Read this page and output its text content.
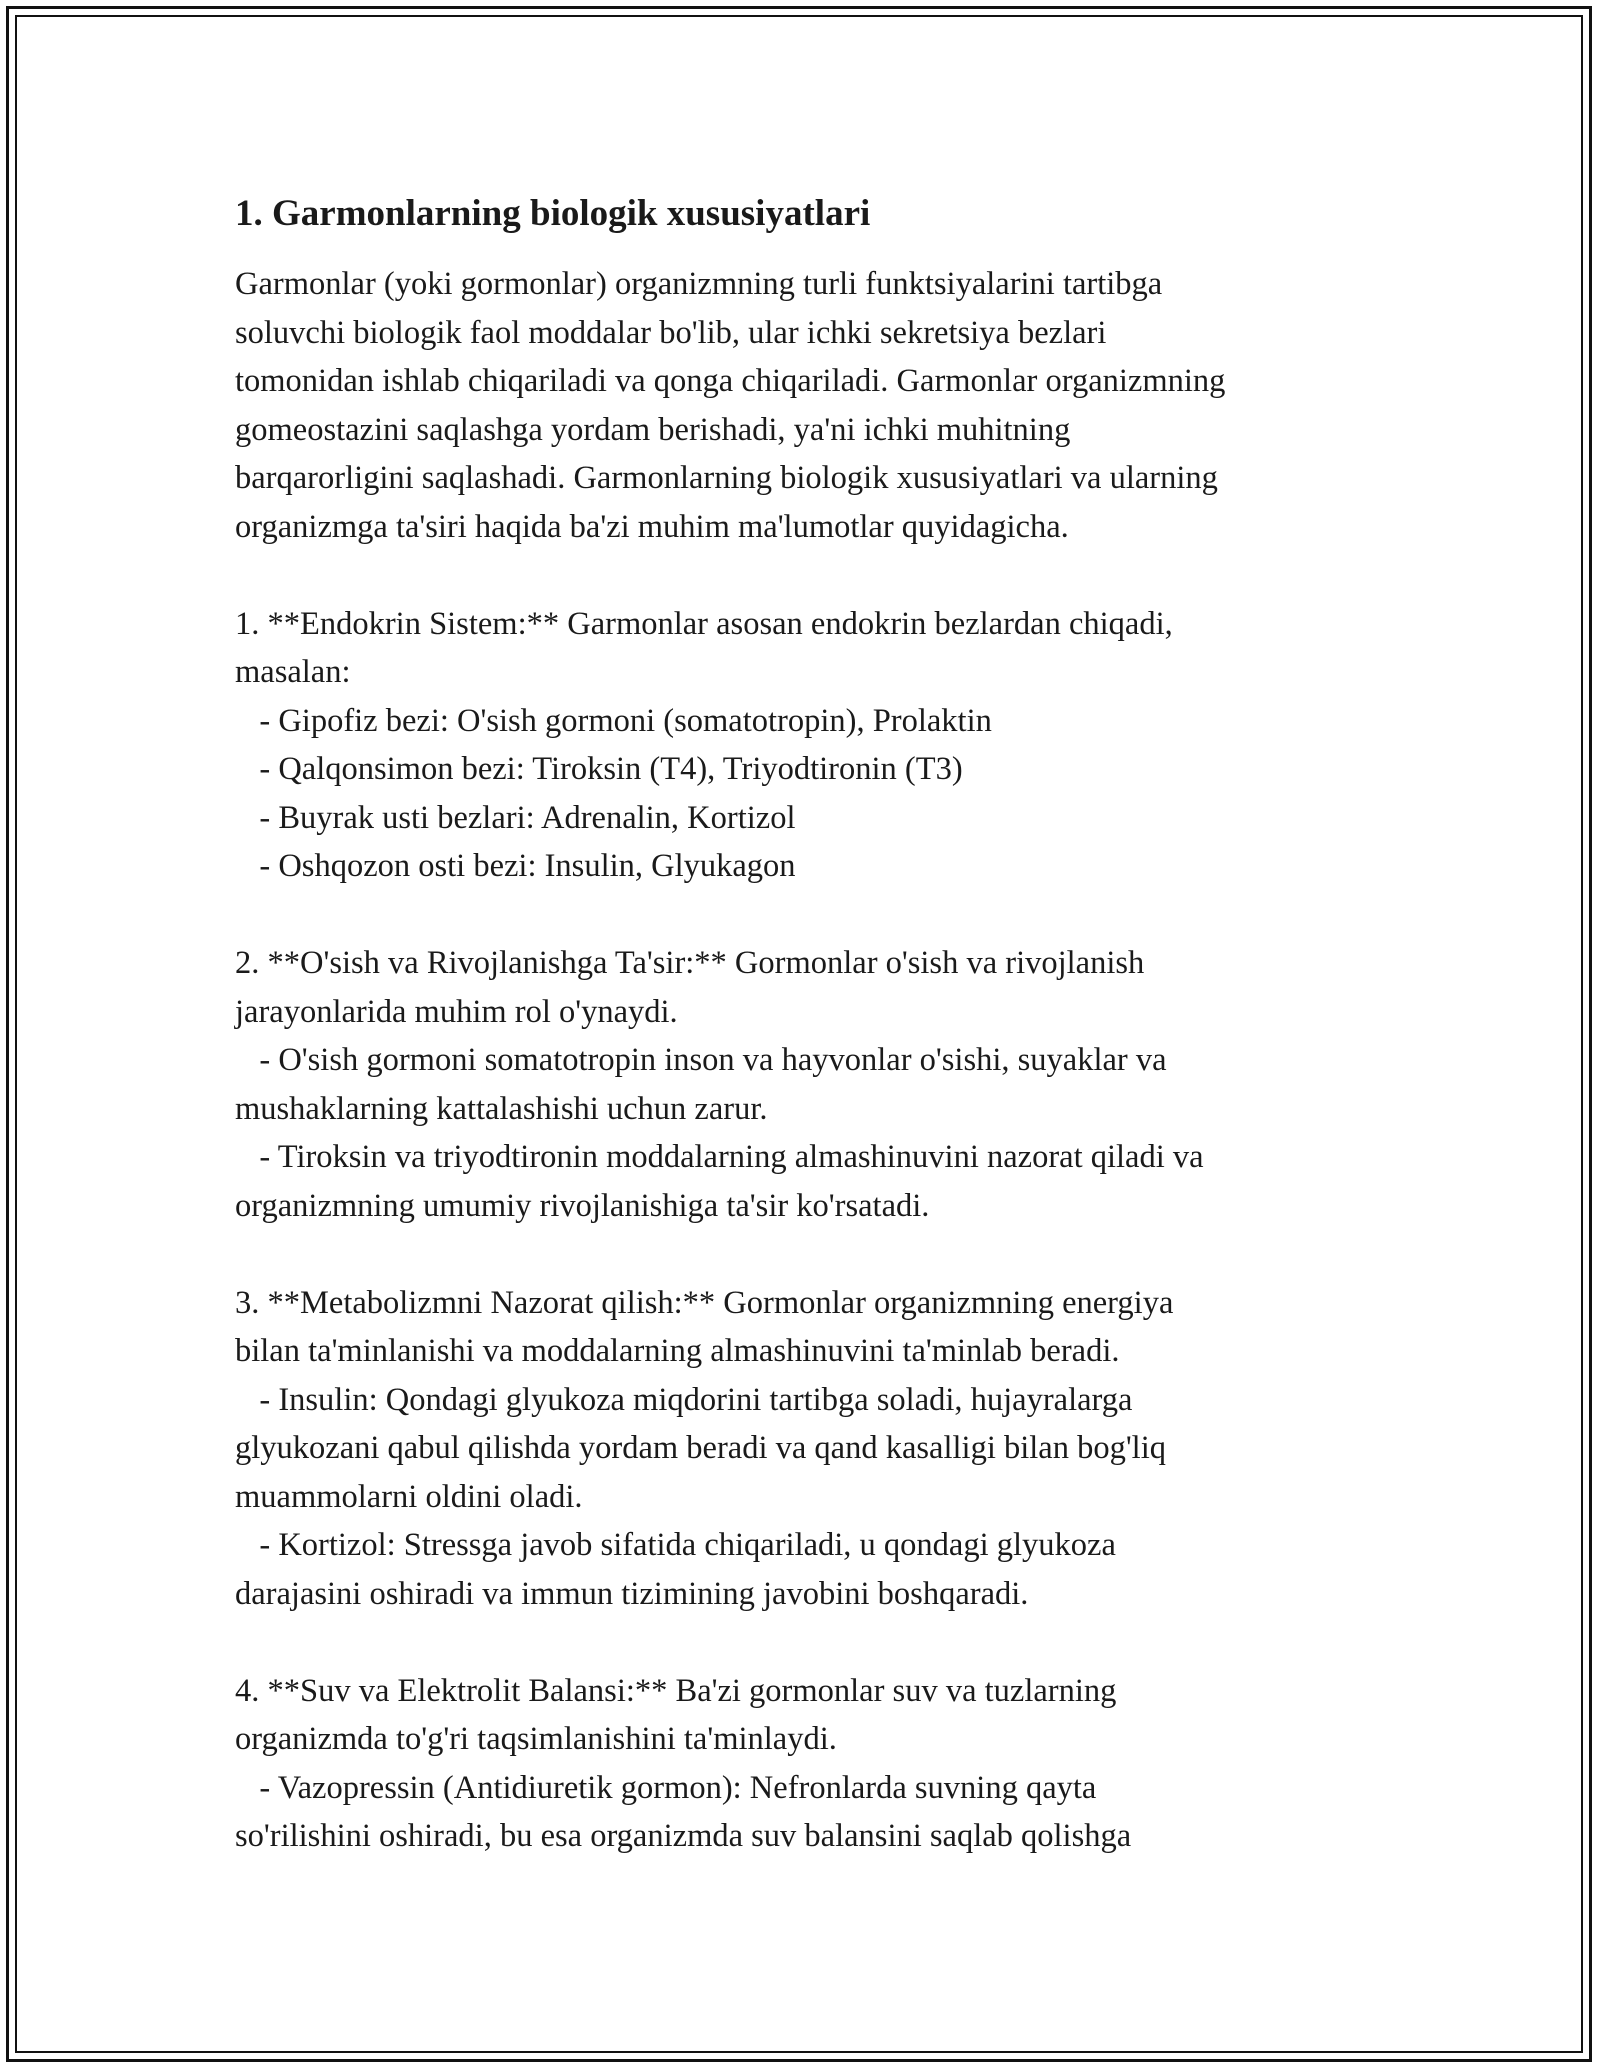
1. Garmonlarning biologik xususiyatlari
Garmonlar (yoki gormonlar) organizmning turli funktsiyalarini tartibga
soluvchi biologik faol moddalar bo'lib, ular ichki sekretsiya bezlari
tomonidan ishlab chiqariladi va qonga chiqariladi. Garmonlar organizmning
gomeostazini saqlashga yordam berishadi, ya'ni ichki muhitning
barqarorligini saqlashadi. Garmonlarning biologik xususiyatlari va ularning
organizmga ta'siri haqida ba'zi muhim ma'lumotlar quyidagicha.
1. **Endokrin Sistem:** Garmonlar asosan endokrin bezlardan chiqadi,
masalan:
- Gipofiz bezi: O'sish gormoni (somatotropin), Prolaktin
- Qalqonsimon bezi: Tiroksin (T4), Triyodtironin (T3)
- Buyrak usti bezlari: Adrenalin, Kortizol
- Oshqozon osti bezi: Insulin, Glyukagon
2. **O'sish va Rivojlanishga Ta'sir:** Gormonlar o'sish va rivojlanish
jarayonlarida muhim rol o'ynaydi.
- O'sish gormoni somatotropin inson va hayvonlar o'sishi, suyaklar va
mushaklarning kattalashishi uchun zarur.
- Tiroksin va triyodtironin moddalarning almashinuvini nazorat qiladi va
organizmning umumiy rivojlanishiga ta'sir ko'rsatadi.
3. **Metabolizmni Nazorat qilish:** Gormonlar organizmning energiya
bilan ta'minlanishi va moddalarning almashinuvini ta'minlab beradi.
- Insulin: Qondagi glyukoza miqdorini tartibga soladi, hujayralarga
glyukozani qabul qilishda yordam beradi va qand kasalligi bilan bog'liq
muammolarni oldini oladi.
- Kortizol: Stressga javob sifatida chiqariladi, u qondagi glyukoza
darajasini oshiradi va immun tizimining javobini boshqaradi.
4. **Suv va Elektrolit Balansi:** Ba'zi gormonlar suv va tuzlarning
organizmda to'g'ri taqsimlanishini ta'minlaydi.
- Vazopressin (Antidiuretik gormon): Nefronlarda suvning qayta
so'rilishini oshiradi, bu esa organizmda suv balansini saqlab qolishga
